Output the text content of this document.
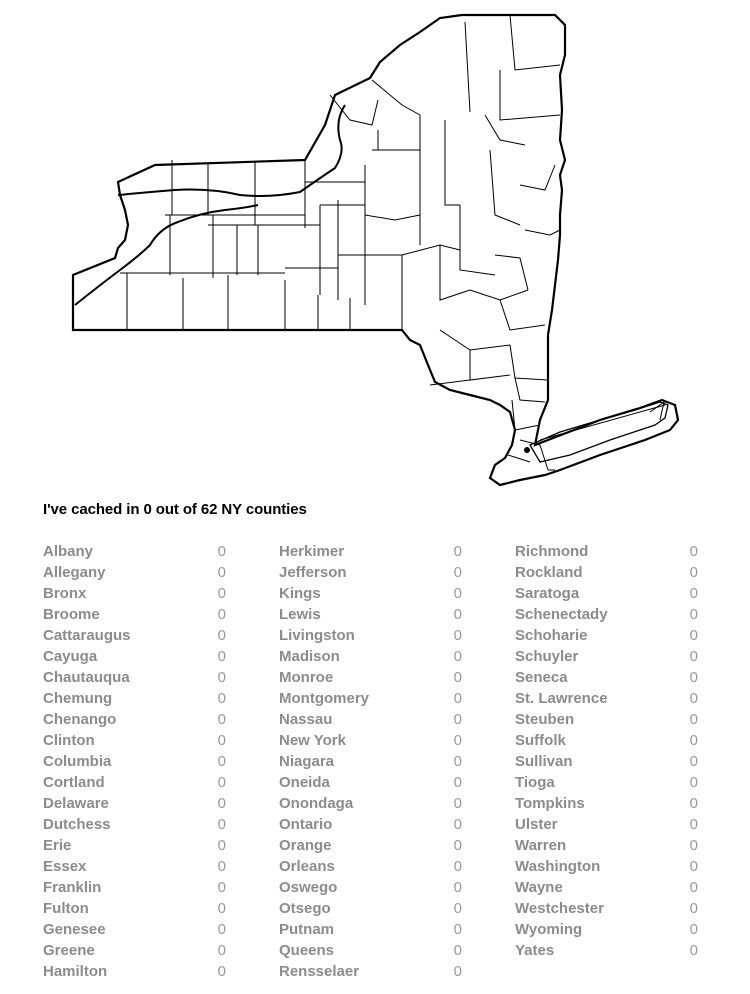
I've cached in 0 out of 62 NY counties
Albany	0
Allegany	0
Bronx	0
Broome	0
Cattaraugus	0
Cayuga	0
Chautauqua	0
Chemung	0
Chenango	0
Clinton	0
Columbia	0
Cortland	0
Delaware	0
Dutchess	0
Erie	0
Essex	0
Franklin	0
Fulton	0
Genesee	0
Greene	0
Hamilton	0
Herkimer	0
Jefferson	0
Kings	0
Lewis	0
Livingston	0
Madison	0
Monroe	0
Montgomery	0
Nassau	0
New York	0
Niagara	0
Oneida	0
Onondaga	0
Ontario	0
Orange	0
Orleans	0
Oswego	0
Otsego	0
Putnam	0
Queens	0
Rensselaer	0
Richmond	0
Rockland	0
Saratoga	0
Schenectady	0
Schoharie	0
Schuyler	0
Seneca	0
St. Lawrence	0
Steuben	0
Suffolk	0
Sullivan	0
Tioga	0
Tompkins	0
Ulster	0
Warren	0
Washington	0
Wayne	0
Westchester	0
Wyoming	0
Yates	0
